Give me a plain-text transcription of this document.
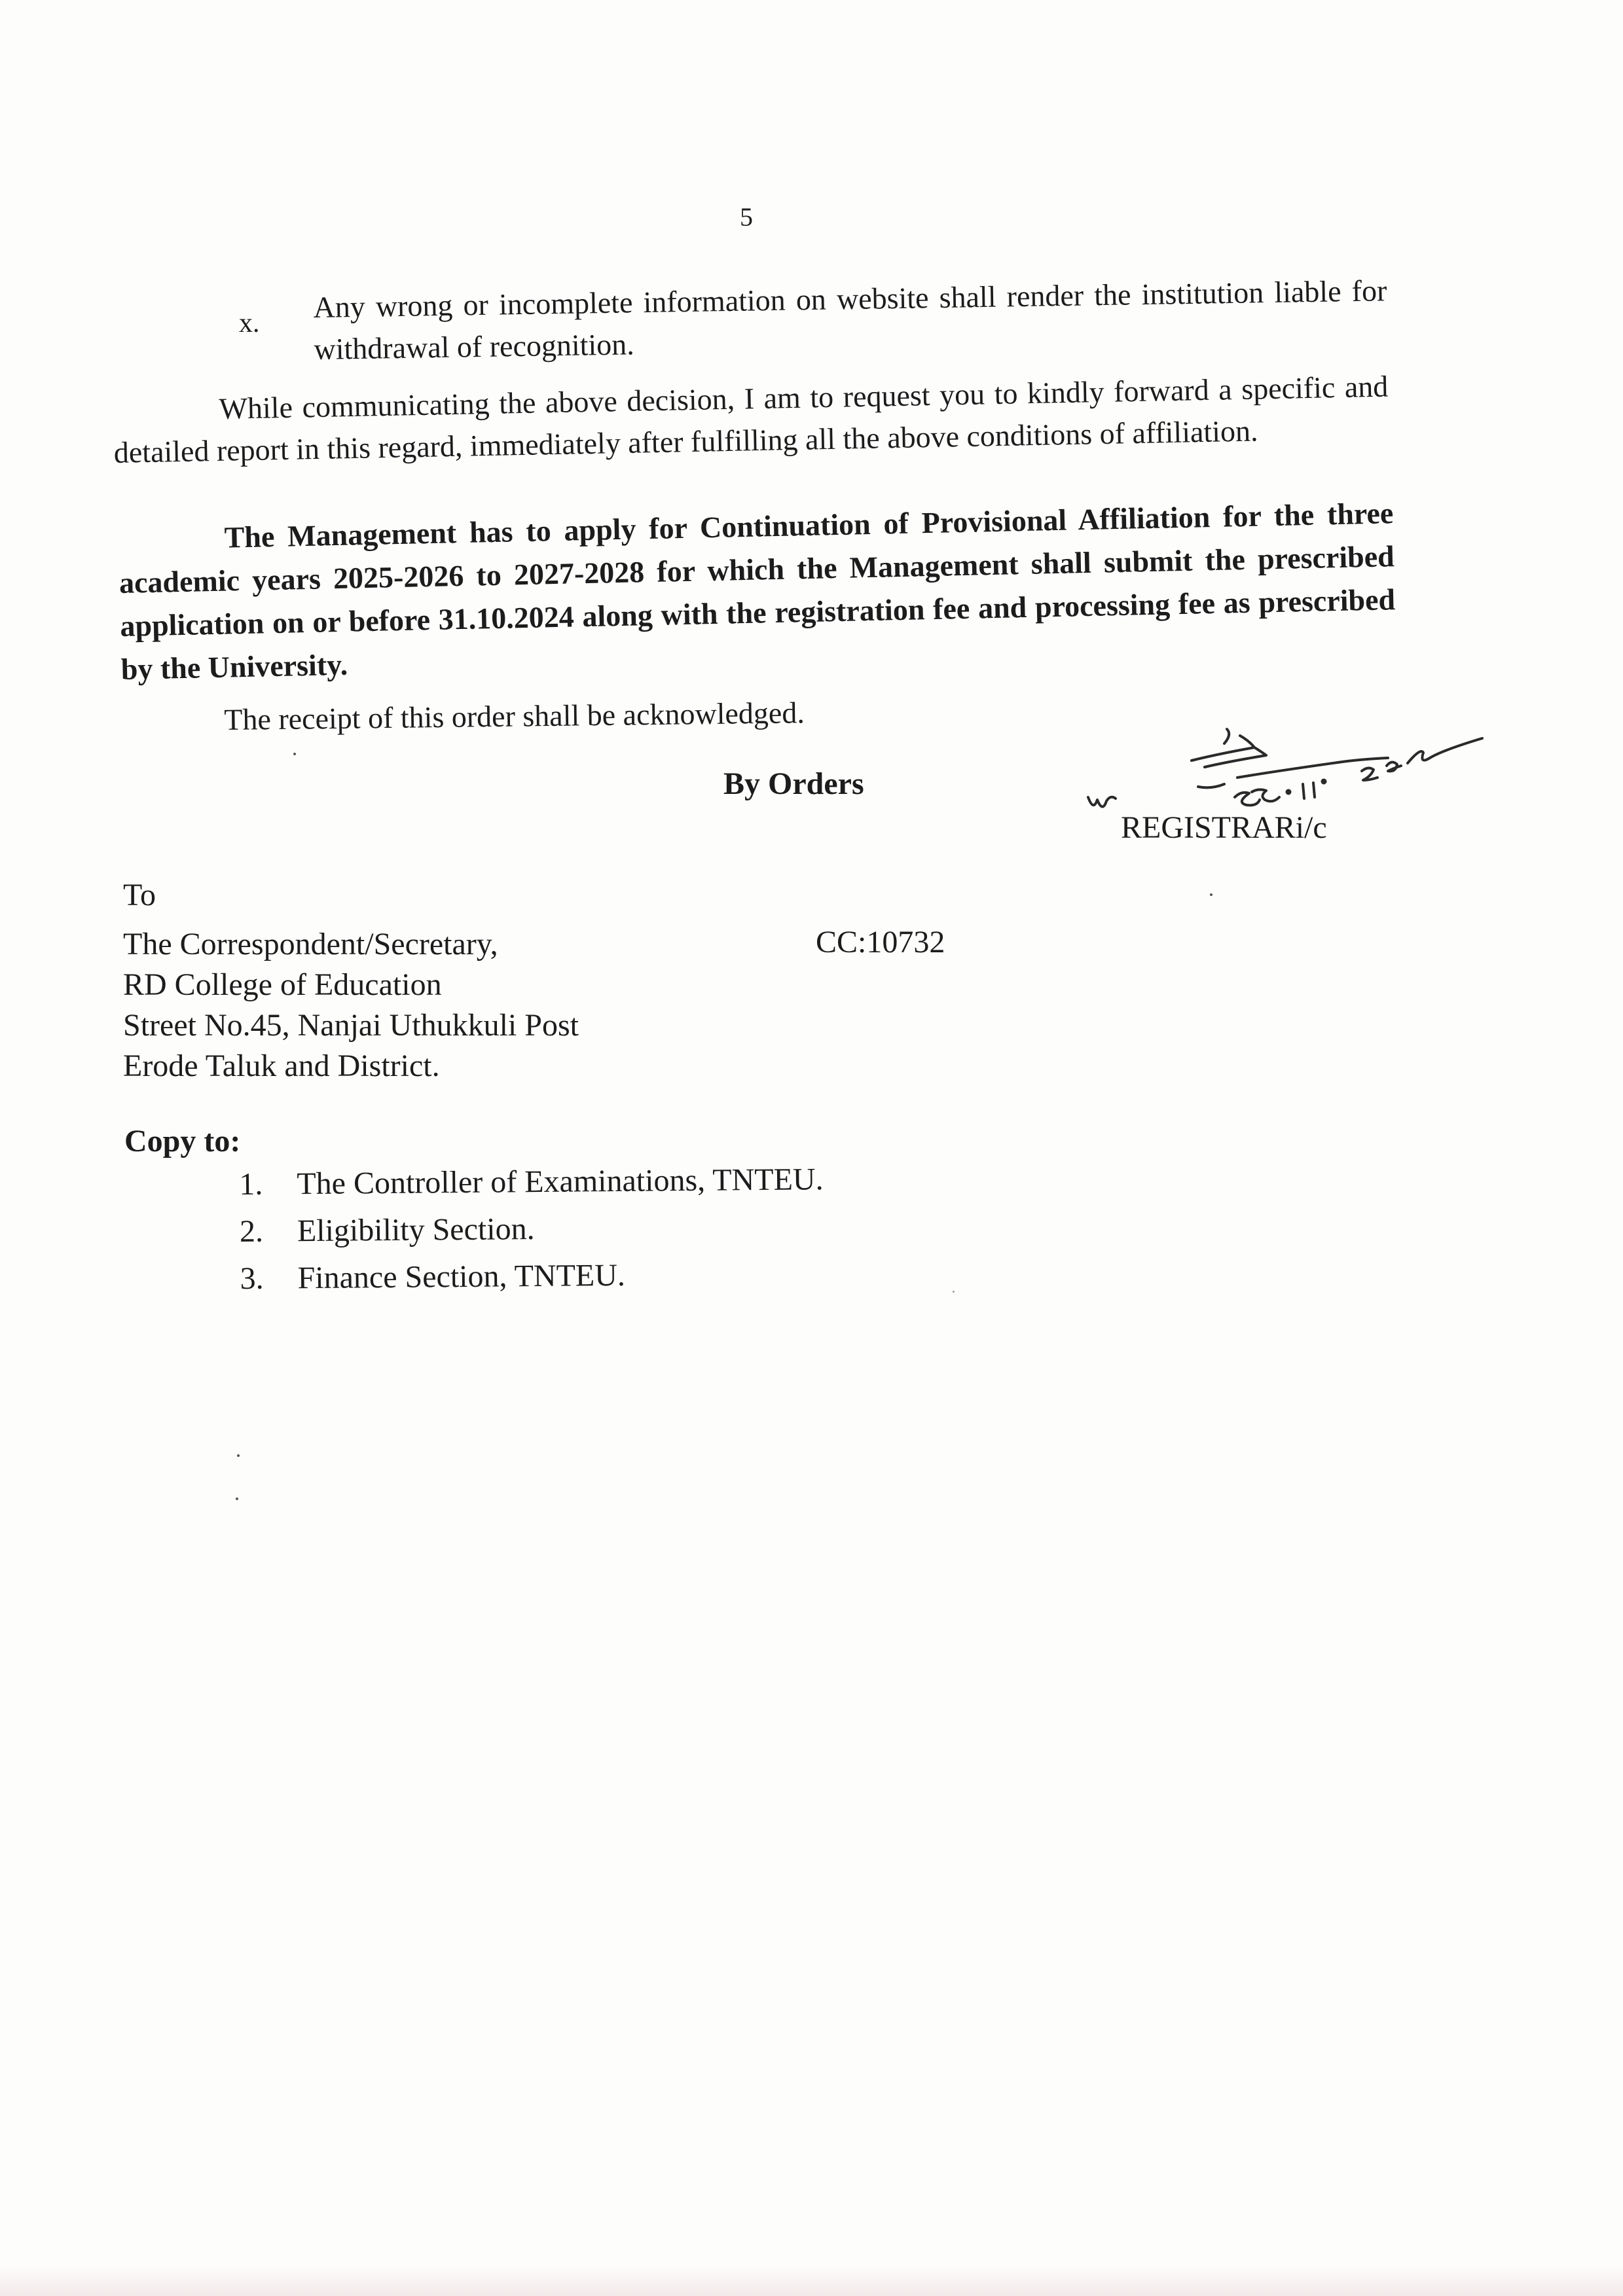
5
x. Any wrong or incomplete information on website shall render the institution liable for withdrawal of recognition.
While communicating the above decision, I am to request you to kindly forward a specific and detailed report in this regard, immediately after fulfilling all the above conditions of affiliation.
The Management has to apply for Continuation of Provisional Affiliation for the three academic years 2025-2026 to 2027-2028 for which the Management shall submit the prescribed application on or before 31.10.2024 along with the registration fee and processing fee as prescribed by the University.
The receipt of this order shall be acknowledged.
By Orders
REGISTRARi/c
To
The Correspondent/Secretary,
RD College of Education
Street No.45, Nanjai Uthukkuli Post
Erode Taluk and District.
CC:10732
Copy to:
1.	The Controller of Examinations, TNTEU.
2.	Eligibility Section.
3.	Finance Section, TNTEU.
